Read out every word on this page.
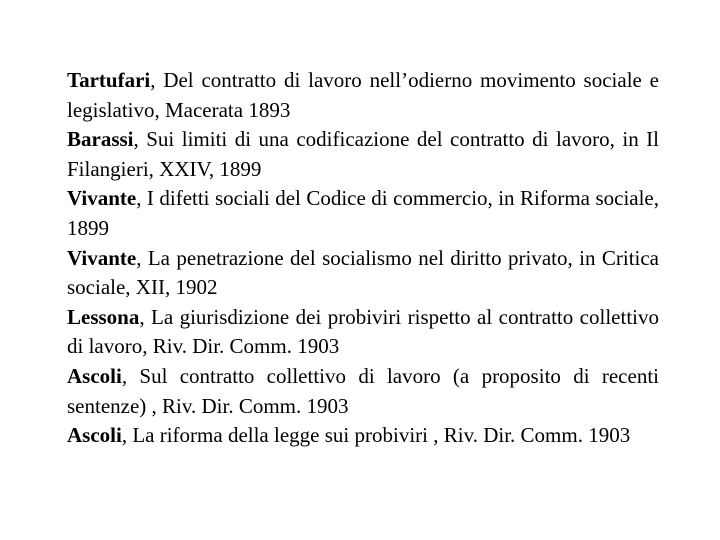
Tartufari, Del contratto di lavoro nell’odierno movimento sociale e legislativo, Macerata 1893
Barassi, Sui limiti di una codificazione del contratto di lavoro, in Il Filangieri, XXIV, 1899
Vivante, I difetti sociali del Codice di commercio, in Riforma sociale, 1899
Vivante, La penetrazione del socialismo nel diritto privato, in Critica sociale, XII, 1902
Lessona, La giurisdizione dei probiviri rispetto al contratto collettivo di lavoro, Riv. Dir. Comm. 1903
Ascoli, Sul contratto collettivo di lavoro (a proposito di recenti sentenze) , Riv. Dir. Comm. 1903
Ascoli, La riforma della legge sui probiviri , Riv. Dir. Comm. 1903
